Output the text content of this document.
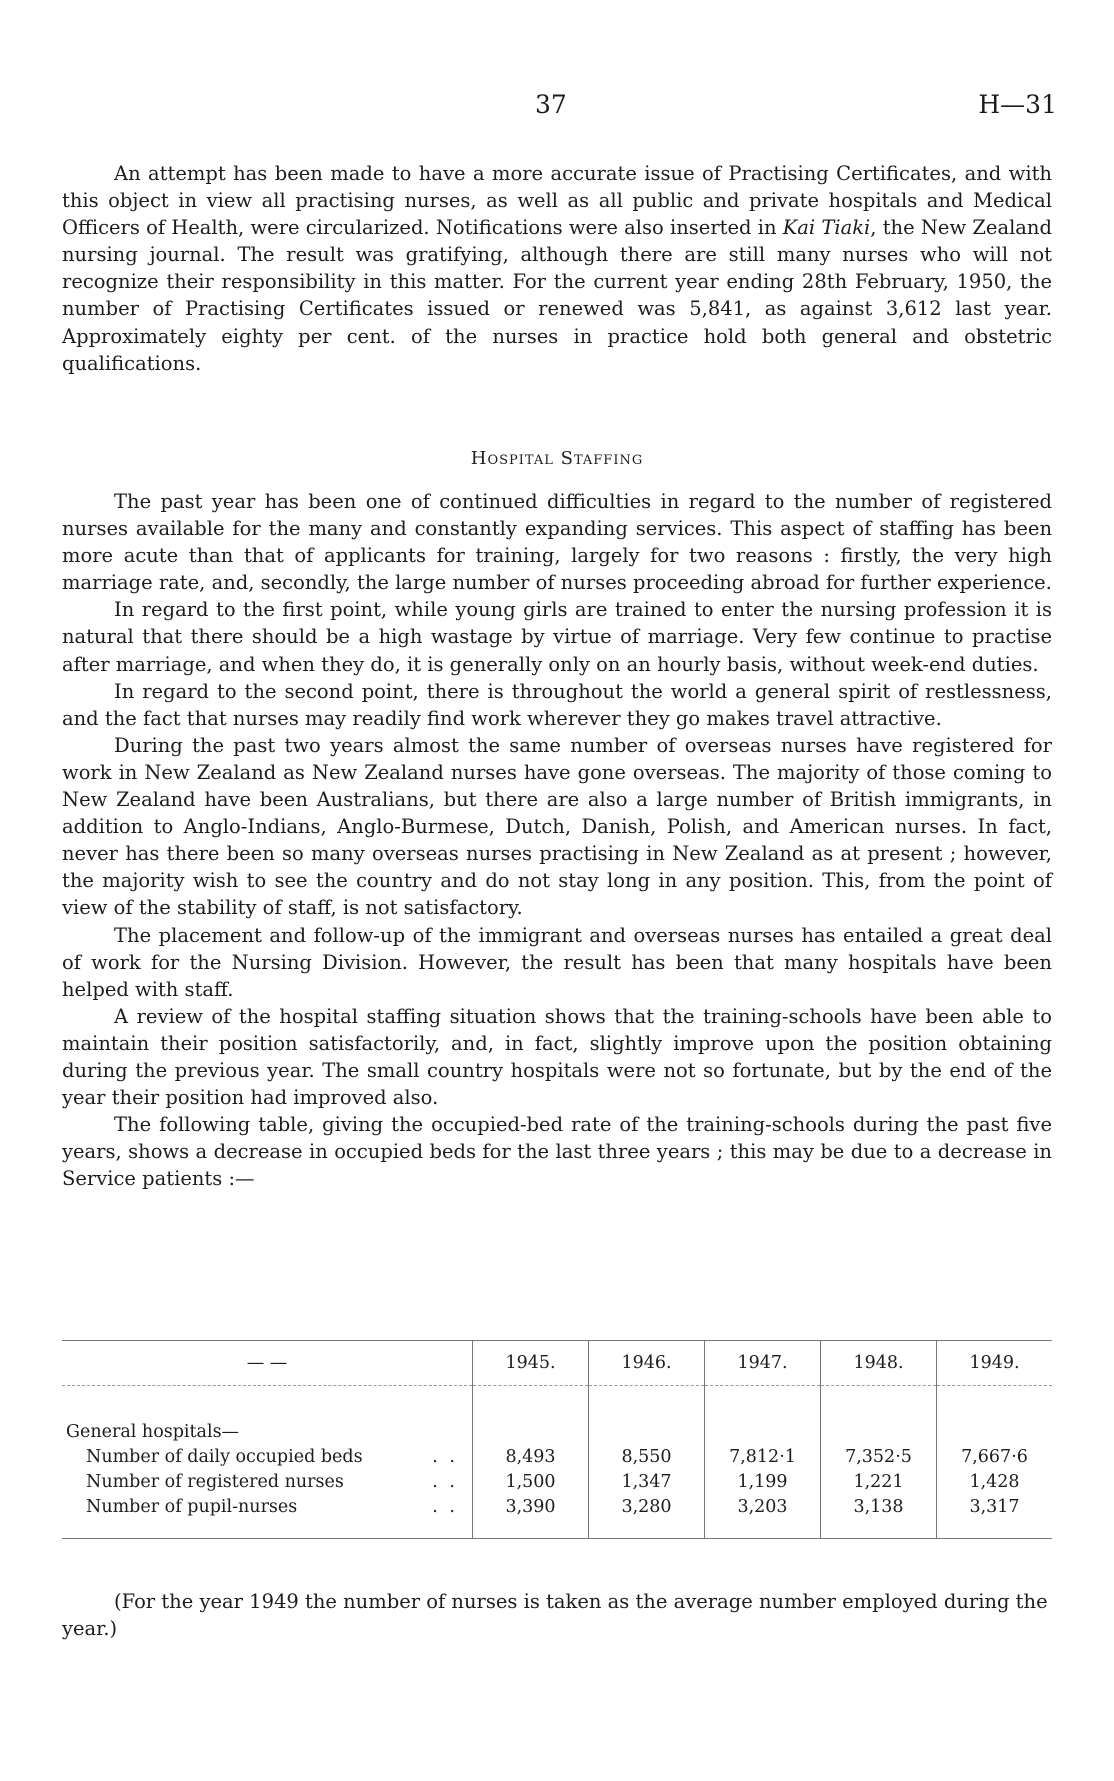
37	H—31

An attempt has been made to have a more accurate issue of Practising Certificates, and with this object in view all practising nurses, as well as all public and private hospitals and Medical Officers of Health, were circularized. Notifications were also inserted in Kai Tiaki, the New Zealand nursing journal. The result was gratifying, although there are still many nurses who will not recognize their responsibility in this matter. For the current year ending 28th February, 1950, the number of Practising Certificates issued or renewed was 5,841, as against 3,612 last year. Approximately eighty per cent. of the nurses in practice hold both general and obstetric qualifications.

Hospital Staffing

The past year has been one of continued difficulties in regard to the number of registered nurses available for the many and constantly expanding services. This aspect of staffing has been more acute than that of applicants for training, largely for two reasons : firstly, the very high marriage rate, and, secondly, the large number of nurses proceeding abroad for further experience.

In regard to the first point, while young girls are trained to enter the nursing profession it is natural that there should be a high wastage by virtue of marriage. Very few continue to practise after marriage, and when they do, it is generally only on an hourly basis, without week-end duties.

In regard to the second point, there is throughout the world a general spirit of restlessness, and the fact that nurses may readily find work wherever they go makes travel attractive.

During the past two years almost the same number of overseas nurses have registered for work in New Zealand as New Zealand nurses have gone overseas. The majority of those coming to New Zealand have been Australians, but there are also a large number of British immigrants, in addition to Anglo-Indians, Anglo-Burmese, Dutch, Danish, Polish, and American nurses. In fact, never has there been so many overseas nurses practising in New Zealand as at present ; however, the majority wish to see the country and do not stay long in any position. This, from the point of view of the stability of staff, is not satisfactory.

The placement and follow-up of the immigrant and overseas nurses has entailed a great deal of work for the Nursing Division. However, the result has been that many hospitals have been helped with staff.

A review of the hospital staffing situation shows that the training-schools have been able to maintain their position satisfactorily, and, in fact, slightly improve upon the position obtaining during the previous year. The small country hospitals were not so fortunate, but by the end of the year their position had improved also.

The following table, giving the occupied-bed rate of the training-schools during the past five years, shows a decrease in occupied beds for the last three years ; this may be due to a decrease in Service patients :—

— —	1945.	1946.	1947.	1948.	1949.

General hospitals—					
Number of daily occupied beds . .	8,493	8,550	7,812·1	7,352·5	7,667·6
Number of registered nurses . .	1,500	1,347	1,199	1,221	1,428
Number of pupil-nurses . .	3,390	3,280	3,203	3,138	3,317

(For the year 1949 the number of nurses is taken as the average number employed during the year.)
